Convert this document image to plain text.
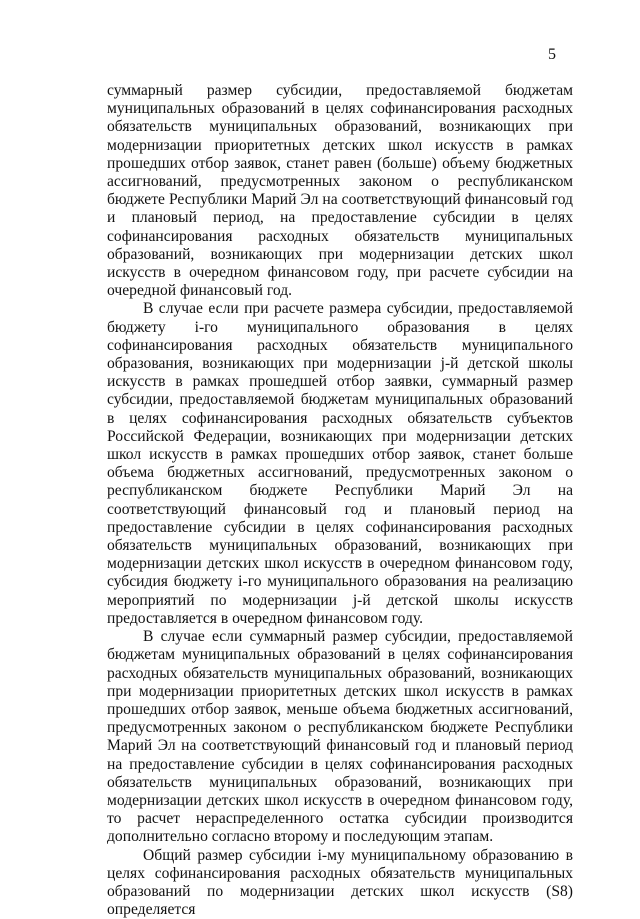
5

суммарный размер субсидии, предоставляемой бюджетам муниципальных образований в целях софинансирования расходных обязательств муниципальных образований, возникающих при модернизации приоритетных детских школ искусств в рамках прошедших отбор заявок, станет равен (больше) объему бюджетных ассигнований, предусмотренных законом о республиканском бюджете Республики Марий Эл на соответствующий финансовый год и плановый период, на предоставление субсидии в целях софинансирования расходных обязательств муниципальных образований, возникающих при модернизации детских школ искусств в очередном финансовом году, при расчете субсидии на очередной финансовый год.

В случае если при расчете размера субсидии, предоставляемой бюджету i-го муниципального образования в целях софинансирования расходных обязательств муниципального образования, возникающих при модернизации j-й детской школы искусств в рамках прошедшей отбор заявки, суммарный размер субсидии, предоставляемой бюджетам муниципальных образований в целях софинансирования расходных обязательств субъектов Российской Федерации, возникающих при модернизации детских школ искусств в рамках прошедших отбор заявок, станет больше объема бюджетных ассигнований, предусмотренных законом о республиканском бюджете Республики Марий Эл на соответствующий финансовый год и плановый период на предоставление субсидии в целях софинансирования расходных обязательств муниципальных образований, возникающих при модернизации детских школ искусств в очередном финансовом году, субсидия бюджету i-го муниципального образования на реализацию мероприятий по модернизации j-й детской школы искусств предоставляется в очередном финансовом году.

В случае если суммарный размер субсидии, предоставляемой бюджетам муниципальных образований в целях софинансирования расходных обязательств муниципальных образований, возникающих при модернизации приоритетных детских школ искусств в рамках прошедших отбор заявок, меньше объема бюджетных ассигнований, предусмотренных законом о республиканском бюджете Республики Марий Эл на соответствующий финансовый год и плановый период на предоставление субсидии в целях софинансирования расходных обязательств муниципальных образований, возникающих при модернизации детских школ искусств в очередном финансовом году, то расчет нераспределенного остатка субсидии производится дополнительно согласно второму и последующим этапам.

Общий размер субсидии i-му муниципальному образованию в целях софинансирования расходных обязательств муниципальных образований по модернизации детских школ искусств (S8) определяется
